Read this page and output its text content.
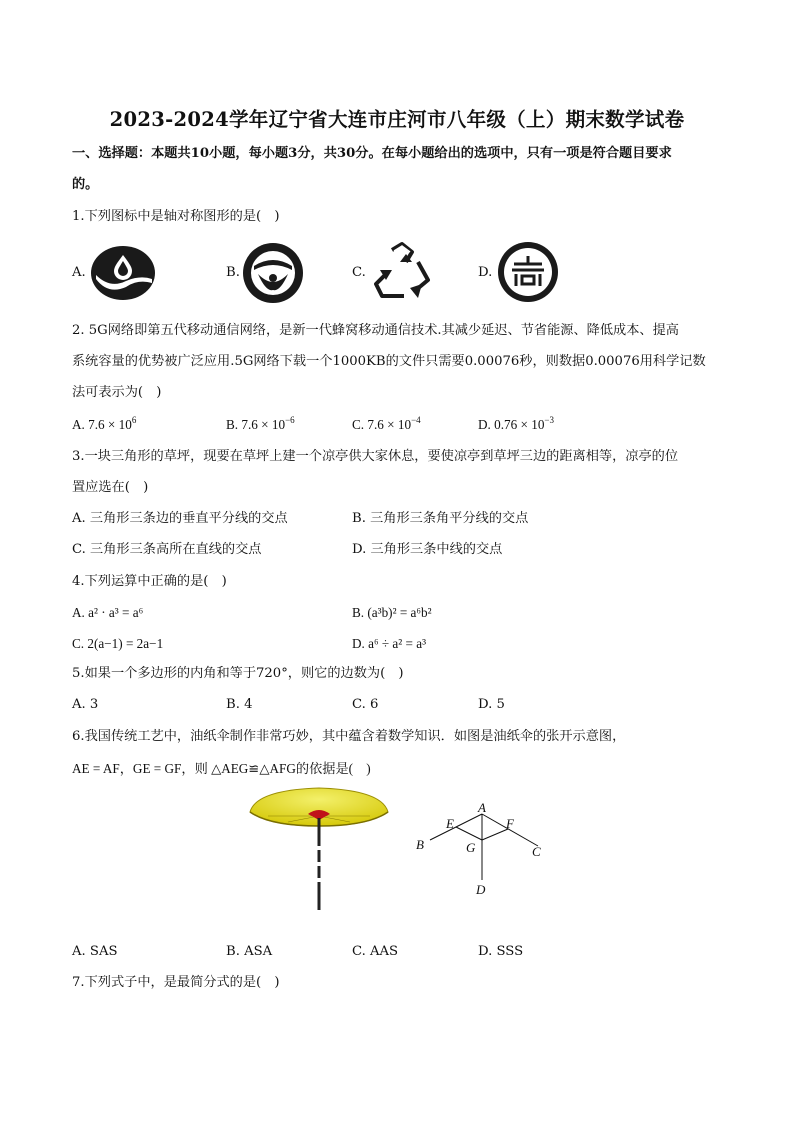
2023-2024学年辽宁省大连市庄河市八年级（上）期末数学试卷
一、选择题：本题共10小题，每小题3分，共30分。在每小题给出的选项中，只有一项是符合题目要求
的。
1.下列图标中是轴对称图形的是(　)
A.	B.	C.	D.
2. 5G网络即第五代移动通信网络，是新一代蜂窝移动通信技术.其减少延迟、节省能源、降低成本、提高
系统容量的优势被广泛应用.5G网络下载一个1000KB的文件只需要0.00076秒，则数据0.00076用科学记数
法可表示为(　)
A. $7.6 \times 10^6$	B. $7.6 \times 10^{-6}$	C. $7.6 \times 10^{-4}$	D. $0.76 \times 10^{-3}$
3.一块三角形的草坪，现要在草坪上建一个凉亭供大家休息，要使凉亭到草坪三边的距离相等，凉亭的位
置应选在(　)
A. 三角形三条边的垂直平分线的交点	B. 三角形三条角平分线的交点
C. 三角形三条高所在直线的交点	D. 三角形三条中线的交点
4.下列运算中正确的是(　)
A. a² · a³ = a⁶	B. (a³b)² = a⁶b²
C. 2(a−1) = 2a−1	D. a⁶ ÷ a² = a³
5.如果一个多边形的内角和等于720°，则它的边数为(　)
A. 3	B. 4	C. 6	D. 5
6.我国传统工艺中，油纸伞制作非常巧妙，其中蕴含着数学知识．如图是油纸伞的张开示意图，
AE = AF，GE = GF，则 △AEG≌△AFG的依据是(　)
A
E	F
B	G	C
D
A. SAS	B. ASA	C. AAS	D. SSS
7.下列式子中，是最简分式的是(　)
